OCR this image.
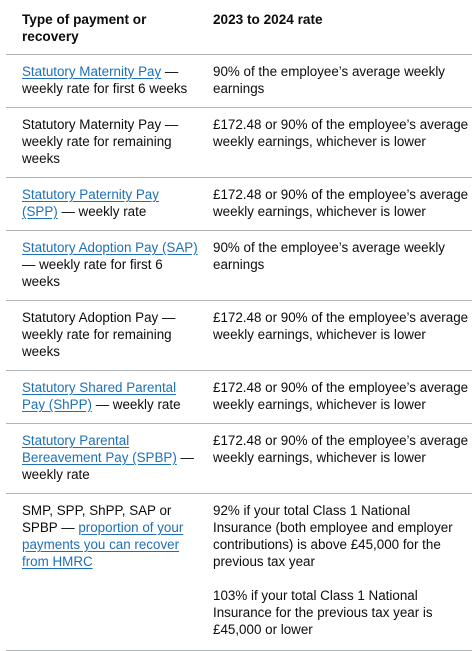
Type of payment or recovery	2023 to 2024 rate
Statutory Maternity Pay — weekly rate for first 6 weeks	90% of the employee’s average weekly earnings

Statutory Maternity Pay — weekly rate for remaining weeks	£172.48 or 90% of the employee’s average weekly earnings, whichever is lower

Statutory Paternity Pay (SPP) — weekly rate	£172.48 or 90% of the employee’s average weekly earnings, whichever is lower

Statutory Adoption Pay (SAP) — weekly rate for first 6 weeks	90% of the employee’s average weekly earnings

Statutory Adoption Pay — weekly rate for remaining weeks	£172.48 or 90% of the employee’s average weekly earnings, whichever is lower

Statutory Shared Parental Pay (ShPP) — weekly rate	£172.48 or 90% of the employee’s average weekly earnings, whichever is lower

Statutory Parental Bereavement Pay (SPBP) — weekly rate	£172.48 or 90% of the employee’s average weekly earnings, whichever is lower

SMP, SPP, ShPP, SAP or SPBP — proportion of your payments you can recover from HMRC	92% if your total Class 1 National Insurance (both employee and employer contributions) is above £45,000 for the previous tax year
103% if your total Class 1 National Insurance for the previous tax year is £45,000 or lower
